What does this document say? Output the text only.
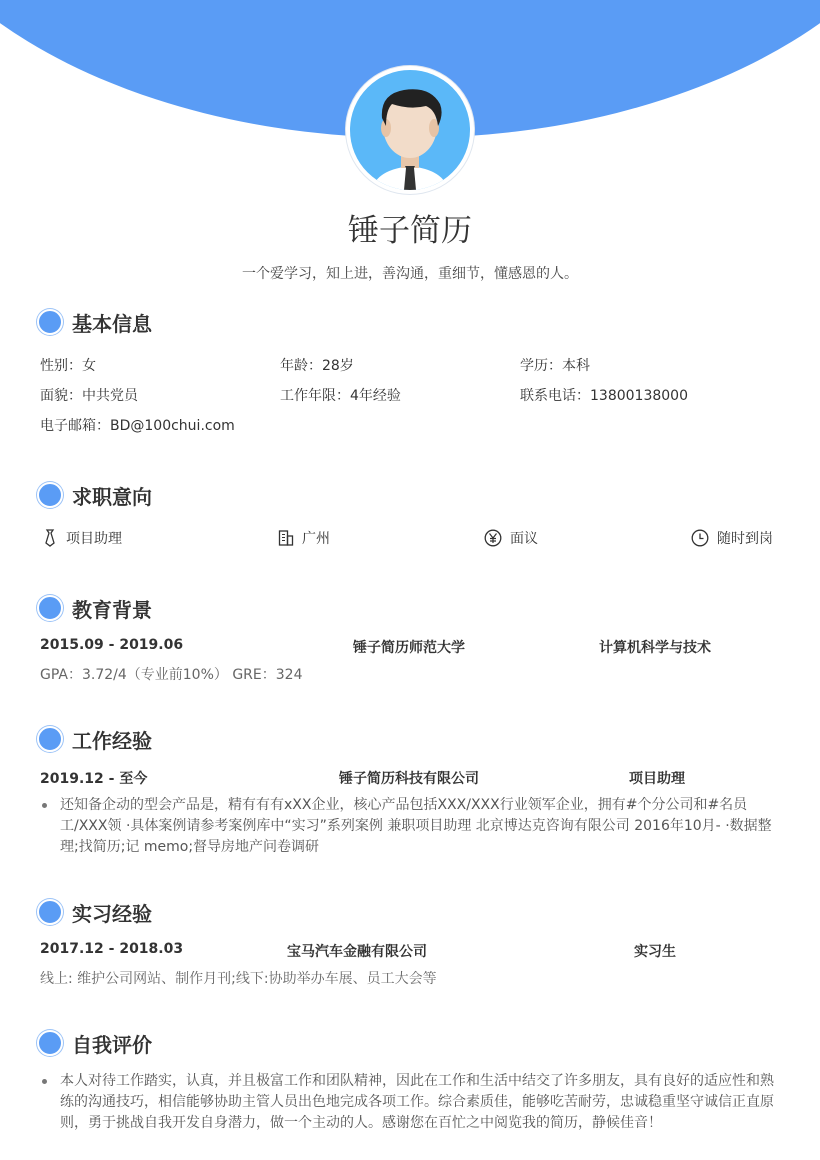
锤子简历
一个爱学习，知上进，善沟通，重细节，懂感恩的人。
基本信息
性别：女	年龄：28岁	学历：本科
面貌：中共党员	工作年限：4年经验	联系电话：13800138000
电子邮箱：BD@100chui.com
求职意向
项目助理	广州	面议	随时到岗
教育背景
2015.09 - 2019.06	锤子简历师范大学	计算机科学与技术
GPA：3.72/4（专业前10%） GRE：324
工作经验
2019.12 - 至今	锤子简历科技有限公司	项目助理
还知备企动的型会产品是，精有有有xXX企业，核心产品包括XXX/XXX行业领军企业，拥有#个分公司和#名员工/XXX领 ·具体案例请参考案例库中“实习”系列案例 兼职项目助理 北京博达克咨询有限公司 2016年10月- ·数据整理;找简历;记 memo;督导房地产问卷调研
实习经验
2017.12 - 2018.03	宝马汽车金融有限公司	实习生
线上: 维护公司网站、制作月刊;线下:协助举办车展、员工大会等
自我评价
本人对待工作踏实，认真，并且极富工作和团队精神，因此在工作和生活中结交了许多朋友，具有良好的适应性和熟练的沟通技巧，相信能够协助主管人员出色地完成各项工作。综合素质佳，能够吃苦耐劳，忠诚稳重坚守诚信正直原则，勇于挑战自我开发自身潜力，做一个主动的人。感谢您在百忙之中阅览我的简历，静候佳音！
